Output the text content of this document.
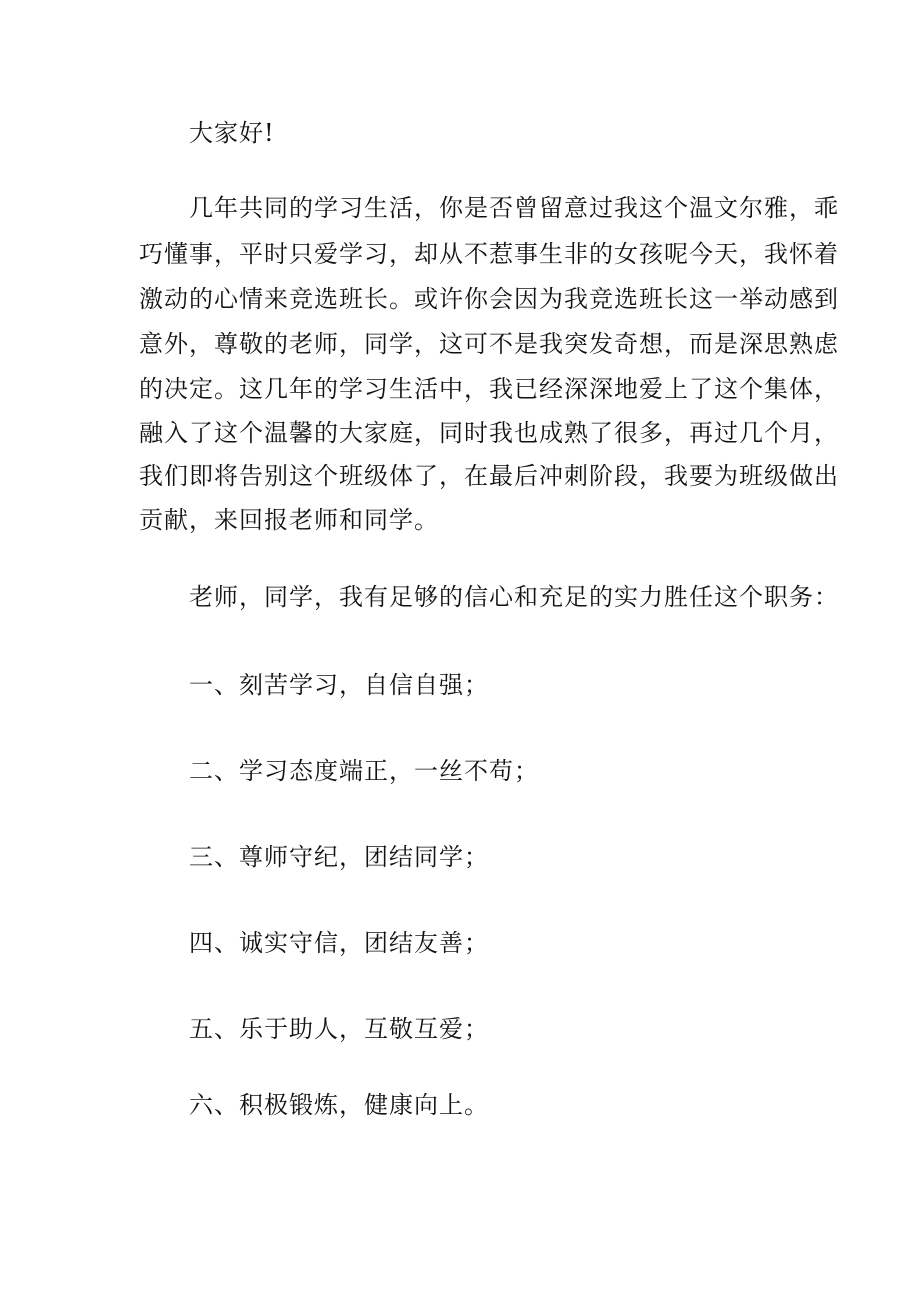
大家好!
几年共同的学习生活，你是否曾留意过我这个温文尔雅，乖
巧懂事，平时只爱学习，却从不惹事生非的女孩呢今天，我怀着
激动的心情来竞选班长。或许你会因为我竞选班长这一举动感到
意外，尊敬的老师，同学，这可不是我突发奇想，而是深思熟虑
的决定。这几年的学习生活中，我已经深深地爱上了这个集体，
融入了这个温馨的大家庭，同时我也成熟了很多，再过几个月，
我们即将告别这个班级体了，在最后冲刺阶段，我要为班级做出
贡献，来回报老师和同学。
老师，同学，我有足够的信心和充足的实力胜任这个职务：
一、刻苦学习，自信自强；
二、学习态度端正，一丝不苟；
三、尊师守纪，团结同学；
四、诚实守信，团结友善；
五、乐于助人，互敬互爱；
六、积极锻炼，健康向上。
